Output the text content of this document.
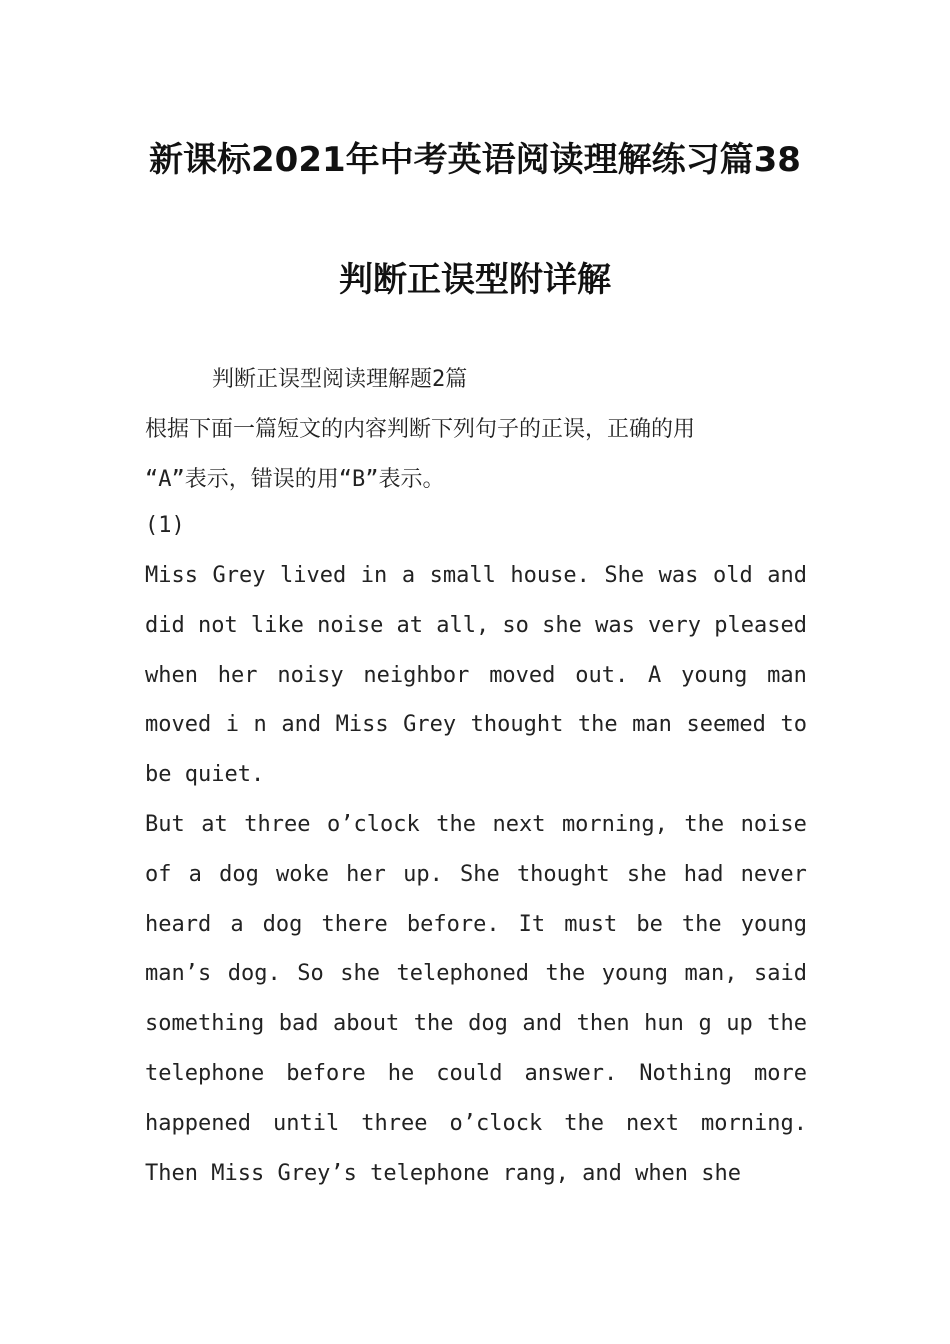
新课标2021年中考英语阅读理解练习篇38
判断正误型附详解
判断正误型阅读理解题2篇
根据下面一篇短文的内容判断下列句子的正误，正确的用
“A”表示，错误的用“B”表示。
(1)
Miss Grey lived in a small house. She was old and
did not like noise at all, so she was very pleased
when her noisy neighbor moved out. A young man
moved i n and Miss Grey thought the man seemed to
be quiet.
But at three o’clock the next morning, the noise
of a dog woke her up. She thought she had never
heard a dog there before. It must be the young
man’s dog. So she telephoned the young man, said
something bad about the dog and then hun g up the
telephone before he could answer. Nothing more
happened until three o’clock the next morning.
Then Miss Grey’s telephone rang, and when she
